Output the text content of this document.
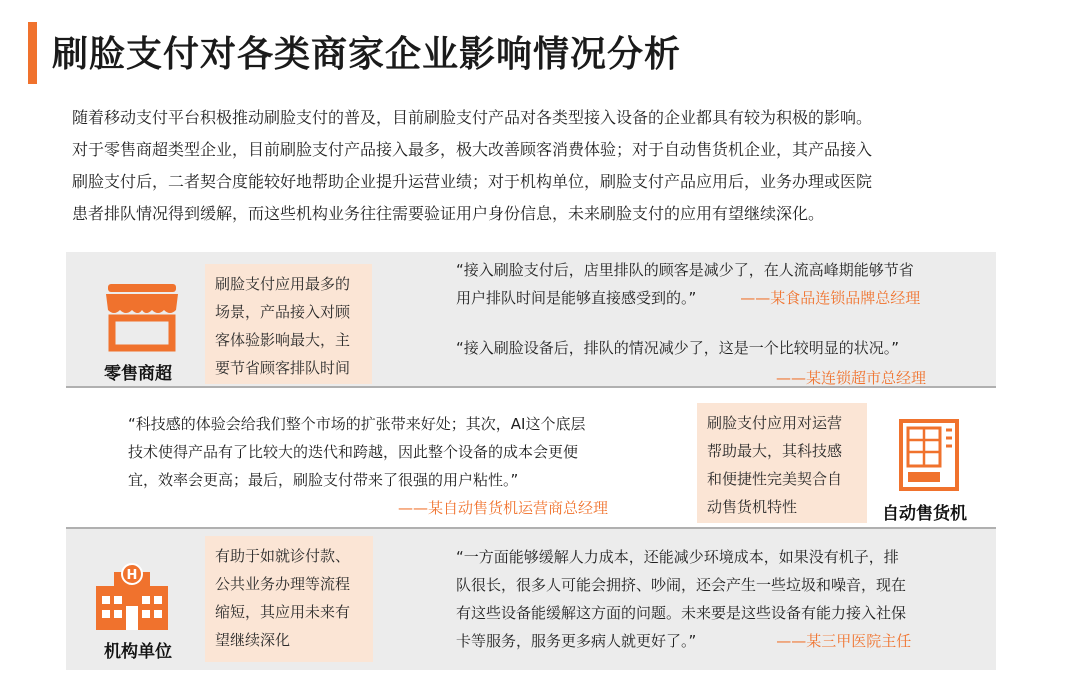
刷脸支付对各类商家企业影响情况分析

随着移动支付平台积极推动刷脸支付的普及，目前刷脸支付产品对各类型接入设备的企业都具有较为积极的影响。

对于零售商超类型企业，目前刷脸支付产品接入最多，极大改善顾客消费体验；对于自动售货机企业，其产品接入

刷脸支付后，二者契合度能较好地帮助企业提升运营业绩；对于机构单位，刷脸支付产品应用后，业务办理或医院

患者排队情况得到缓解，而这些机构业务往往需要验证用户身份信息，未来刷脸支付的应用有望继续深化。

零售商超
刷脸支付应用最多的
场景，产品接入对顾
客体验影响最大，主
要节省顾客排队时间
“接入刷脸支付后，店里排队的顾客是减少了，在人流高峰期能够节省
用户排队时间是能够直接感受到的。”	——某食品连锁品牌总经理
“接入刷脸设备后，排队的情况减少了，这是一个比较明显的状况。”
——某连锁超市总经理
“科技感的体验会给我们整个市场的扩张带来好处；其次，AI这个底层
技术使得产品有了比较大的迭代和跨越，因此整个设备的成本会更便
宜，效率会更高；最后，刷脸支付带来了很强的用户粘性。”
——某自动售货机运营商总经理
刷脸支付应用对运营
帮助最大，其科技感
和便捷性完美契合自
动售货机特性	自动售货机
H
机构单位
有助于如就诊付款、
公共业务办理等流程
缩短，其应用未来有
望继续深化
“一方面能够缓解人力成本，还能减少环境成本，如果没有机子，排
队很长，很多人可能会拥挤、吵闹，还会产生一些垃圾和噪音，现在
有这些设备能缓解这方面的问题。未来要是这些设备有能力接入社保
卡等服务，服务更多病人就更好了。”	——某三甲医院主任
